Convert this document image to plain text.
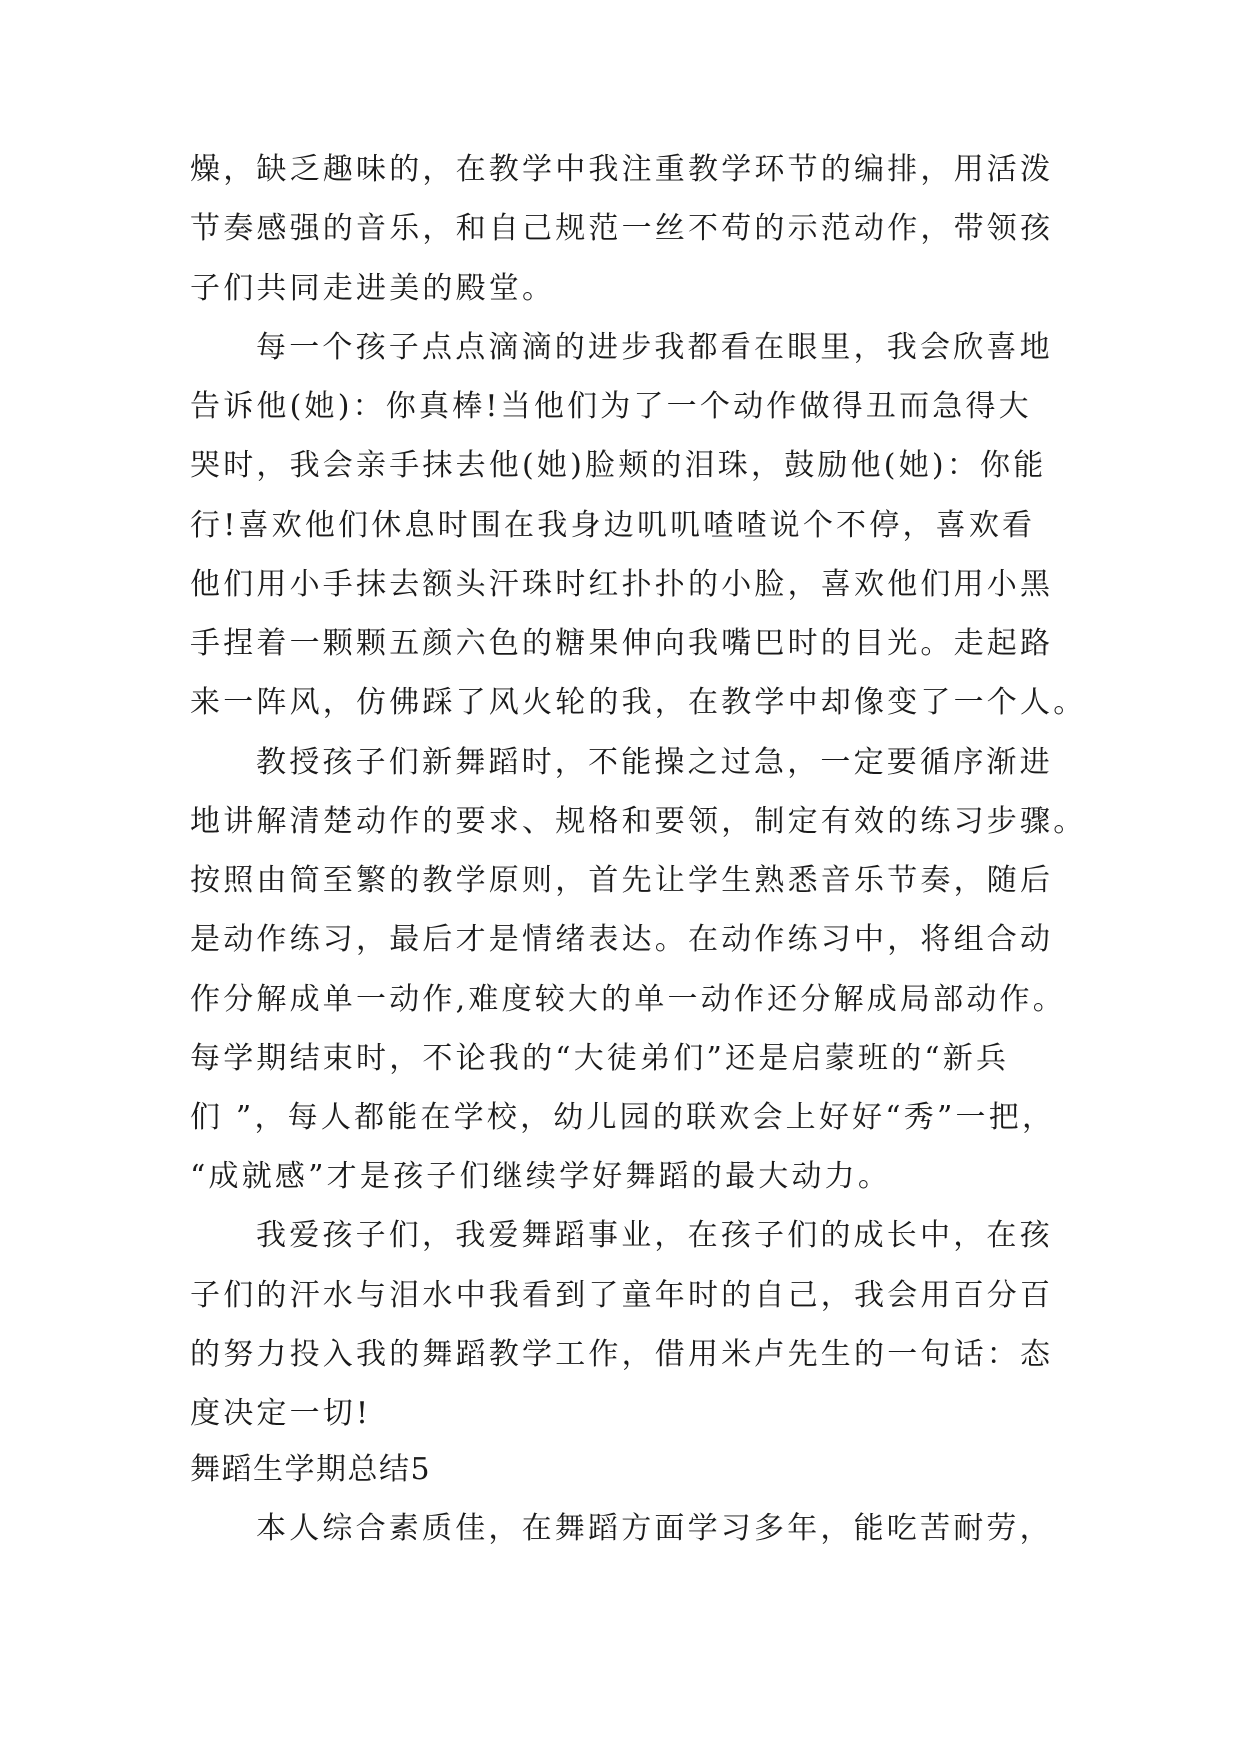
燥，缺乏趣味的，在教学中我注重教学环节的编排，用活泼
节奏感强的音乐，和自己规范一丝不苟的示范动作，带领孩
子们共同走进美的殿堂。
每一个孩子点点滴滴的进步我都看在眼里，我会欣喜地
告诉他(她)：你真棒!当他们为了一个动作做得丑而急得大
哭时，我会亲手抹去他(她)脸颊的泪珠，鼓励他(她)：你能
行!喜欢他们休息时围在我身边叽叽喳喳说个不停，喜欢看
他们用小手抹去额头汗珠时红扑扑的小脸，喜欢他们用小黑
手捏着一颗颗五颜六色的糖果伸向我嘴巴时的目光。走起路
来一阵风，仿佛踩了风火轮的我，在教学中却像变了一个人。
教授孩子们新舞蹈时，不能操之过急，一定要循序渐进
地讲解清楚动作的要求、规格和要领，制定有效的练习步骤。
按照由简至繁的教学原则，首先让学生熟悉音乐节奏，随后
是动作练习，最后才是情绪表达。在动作练习中，将组合动
作分解成单一动作,难度较大的单一动作还分解成局部动作。
每学期结束时，不论我的“大徒弟们”还是启蒙班的“新兵
们 ”，每人都能在学校，幼儿园的联欢会上好好“秀”一把，
“成就感”才是孩子们继续学好舞蹈的最大动力。
我爱孩子们，我爱舞蹈事业，在孩子们的成长中，在孩
子们的汗水与泪水中我看到了童年时的自己，我会用百分百
的努力投入我的舞蹈教学工作，借用米卢先生的一句话：态
度决定一切!
舞蹈生学期总结5
本人综合素质佳，在舞蹈方面学习多年，能吃苦耐劳，
